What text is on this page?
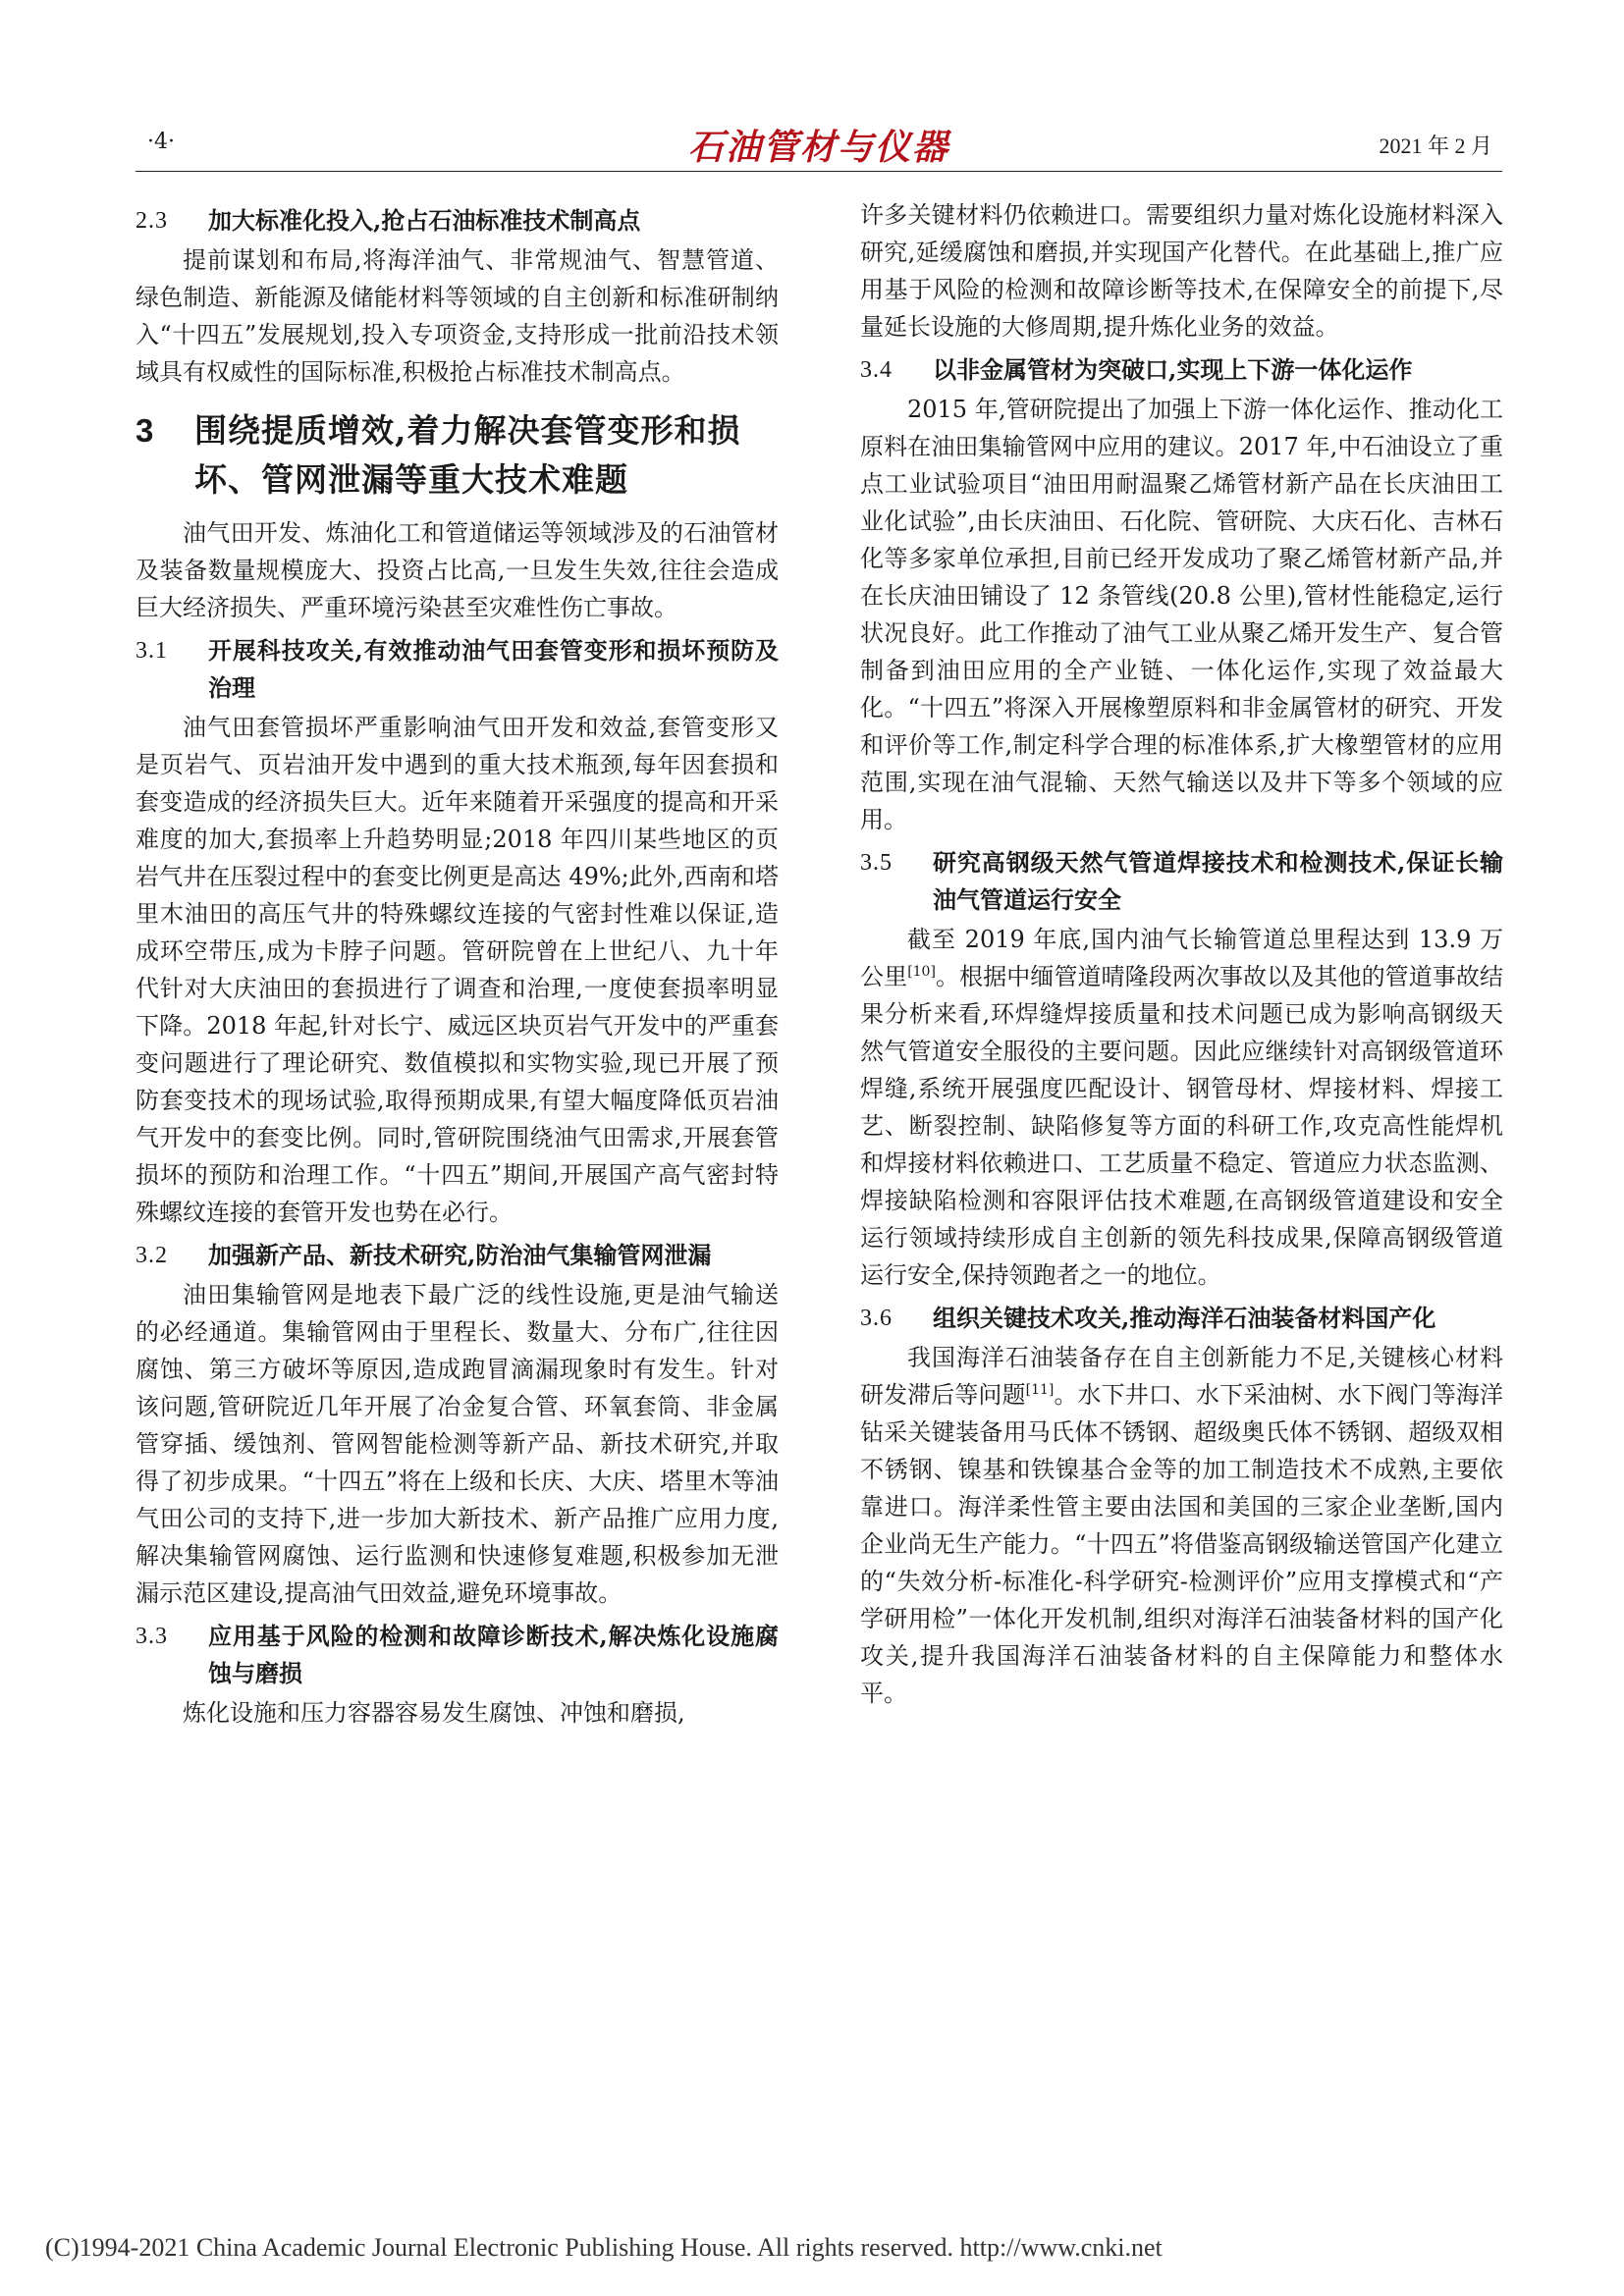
·4·	石油管材与仪器	2021 年 2 月
2.3	加大标准化投入,抢占石油标准技术制高点

提前谋划和布局,将海洋油气、非常规油气、智慧管道、绿色制造、新能源及储能材料等领域的自主创新和标准研制纳入“十四五”发展规划,投入专项资金,支持形成一批前沿技术领域具有权威性的国际标准,积极抢占标准技术制高点。

3	围绕提质增效,着力解决套管变形和损坏、管网泄漏等重大技术难题

油气田开发、炼油化工和管道储运等领域涉及的石油管材及装备数量规模庞大、投资占比高,一旦发生失效,往往会造成巨大经济损失、严重环境污染甚至灾难性伤亡事故。

3.1	开展科技攻关,有效推动油气田套管变形和损坏预防及治理

油气田套管损坏严重影响油气田开发和效益,套管变形又是页岩气、页岩油开发中遇到的重大技术瓶颈,每年因套损和套变造成的经济损失巨大。近年来随着开采强度的提高和开采难度的加大,套损率上升趋势明显;2018 年四川某些地区的页岩气井在压裂过程中的套变比例更是高达 49%;此外,西南和塔里木油田的高压气井的特殊螺纹连接的气密封性难以保证,造成环空带压,成为卡脖子问题。管研院曾在上世纪八、九十年代针对大庆油田的套损进行了调查和治理,一度使套损率明显下降。2018 年起,针对长宁、威远区块页岩气开发中的严重套变问题进行了理论研究、数值模拟和实物实验,现已开展了预防套变技术的现场试验,取得预期成果,有望大幅度降低页岩油气开发中的套变比例。同时,管研院围绕油气田需求,开展套管损坏的预防和治理工作。“十四五”期间,开展国产高气密封特殊螺纹连接的套管开发也势在必行。

3.2	加强新产品、新技术研究,防治油气集输管网泄漏

油田集输管网是地表下最广泛的线性设施,更是油气输送的必经通道。集输管网由于里程长、数量大、分布广,往往因腐蚀、第三方破坏等原因,造成跑冒滴漏现象时有发生。针对该问题,管研院近几年开展了冶金复合管、环氧套筒、非金属管穿插、缓蚀剂、管网智能检测等新产品、新技术研究,并取得了初步成果。“十四五”将在上级和长庆、大庆、塔里木等油气田公司的支持下,进一步加大新技术、新产品推广应用力度,解决集输管网腐蚀、运行监测和快速修复难题,积极参加无泄漏示范区建设,提高油气田效益,避免环境事故。

3.3	应用基于风险的检测和故障诊断技术,解决炼化设施腐蚀与磨损

炼化设施和压力容器容易发生腐蚀、冲蚀和磨损,

许多关键材料仍依赖进口。需要组织力量对炼化设施材料深入研究,延缓腐蚀和磨损,并实现国产化替代。在此基础上,推广应用基于风险的检测和故障诊断等技术,在保障安全的前提下,尽量延长设施的大修周期,提升炼化业务的效益。

3.4	以非金属管材为突破口,实现上下游一体化运作

2015 年,管研院提出了加强上下游一体化运作、推动化工原料在油田集输管网中应用的建议。2017 年,中石油设立了重点工业试验项目“油田用耐温聚乙烯管材新产品在长庆油田工业化试验”,由长庆油田、石化院、管研院、大庆石化、吉林石化等多家单位承担,目前已经开发成功了聚乙烯管材新产品,并在长庆油田铺设了 12 条管线(20.8 公里),管材性能稳定,运行状况良好。此工作推动了油气工业从聚乙烯开发生产、复合管制备到油田应用的全产业链、一体化运作,实现了效益最大化。“十四五”将深入开展橡塑原料和非金属管材的研究、开发和评价等工作,制定科学合理的标准体系,扩大橡塑管材的应用范围,实现在油气混输、天然气输送以及井下等多个领域的应用。

3.5	研究高钢级天然气管道焊接技术和检测技术,保证长输油气管道运行安全

截至 2019 年底,国内油气长输管道总里程达到 13.9 万公里[10]。根据中缅管道晴隆段两次事故以及其他的管道事故结果分析来看,环焊缝焊接质量和技术问题已成为影响高钢级天然气管道安全服役的主要问题。因此应继续针对高钢级管道环焊缝,系统开展强度匹配设计、钢管母材、焊接材料、焊接工艺、断裂控制、缺陷修复等方面的科研工作,攻克高性能焊机和焊接材料依赖进口、工艺质量不稳定、管道应力状态监测、焊接缺陷检测和容限评估技术难题,在高钢级管道建设和安全运行领域持续形成自主创新的领先科技成果,保障高钢级管道运行安全,保持领跑者之一的地位。

3.6	组织关键技术攻关,推动海洋石油装备材料国产化

我国海洋石油装备存在自主创新能力不足,关键核心材料研发滞后等问题[11]。水下井口、水下采油树、水下阀门等海洋钻采关键装备用马氏体不锈钢、超级奥氏体不锈钢、超级双相不锈钢、镍基和铁镍基合金等的加工制造技术不成熟,主要依靠进口。海洋柔性管主要由法国和美国的三家企业垄断,国内企业尚无生产能力。“十四五”将借鉴高钢级输送管国产化建立的“失效分析-标准化-科学研究-检测评价”应用支撑模式和“产学研用检”一体化开发机制,组织对海洋石油装备材料的国产化攻关,提升我国海洋石油装备材料的自主保障能力和整体水平。

(C)1994-2021 China Academic Journal Electronic Publishing House. All rights reserved. http://www.cnki.net
